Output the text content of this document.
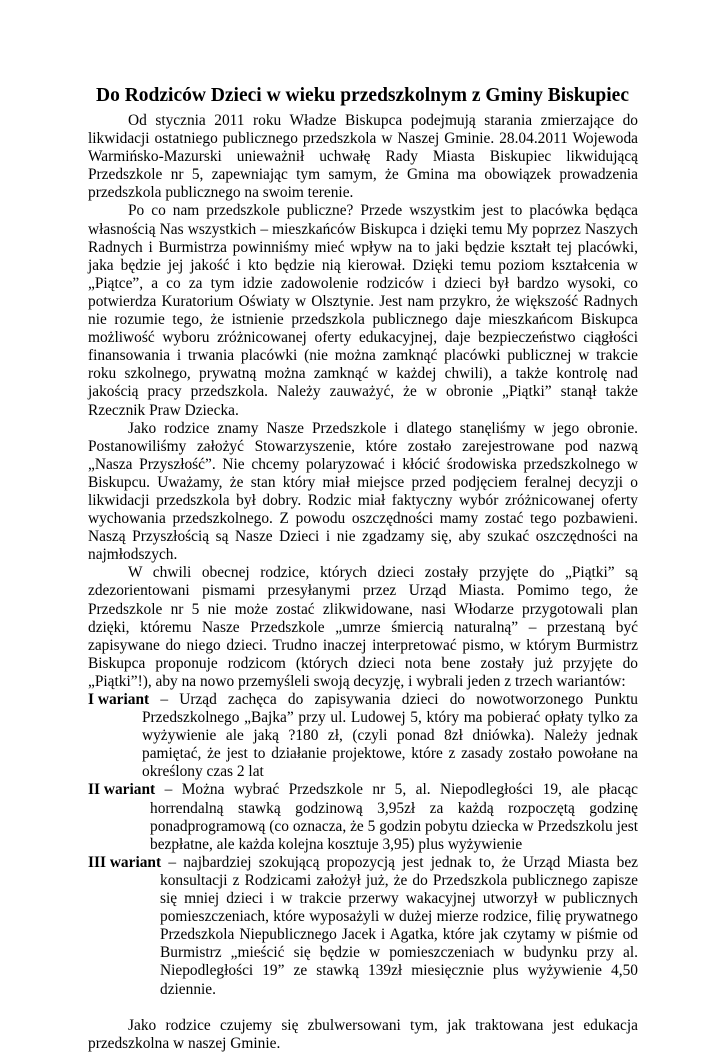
Do Rodziców Dzieci w wieku przedszkolnym z Gminy Biskupiec

Od stycznia 2011 roku Władze Biskupca podejmują starania zmierzające do likwidacji ostatniego publicznego przedszkola w Naszej Gminie. 28.04.2011 Wojewoda Warmińsko-Mazurski unieważnił uchwałę Rady Miasta Biskupiec likwidującą Przedszkole nr 5, zapewniając tym samym, że Gmina ma obowiązek prowadzenia przedszkola publicznego na swoim terenie.

Po co nam przedszkole publiczne? Przede wszystkim jest to placówka będąca własnością Nas wszystkich – mieszkańców Biskupca i dzięki temu My poprzez Naszych Radnych i Burmistrza powinniśmy mieć wpływ na to jaki będzie kształt tej placówki, jaka będzie jej jakość i kto będzie nią kierował. Dzięki temu poziom kształcenia w „Piątce”, a co za tym idzie zadowolenie rodziców i dzieci był bardzo wysoki, co potwierdza Kuratorium Oświaty w Olsztynie. Jest nam przykro, że większość Radnych nie rozumie tego, że istnienie przedszkola publicznego daje mieszkańcom Biskupca możliwość wyboru zróżnicowanej oferty edukacyjnej, daje bezpieczeństwo ciągłości finansowania i trwania placówki (nie można zamknąć placówki publicznej w trakcie roku szkolnego, prywatną można zamknąć w każdej chwili), a także kontrolę nad jakością pracy przedszkola. Należy zauważyć, że w obronie „Piątki” stanął także Rzecznik Praw Dziecka.

Jako rodzice znamy Nasze Przedszkole i dlatego stanęliśmy w jego obronie. Postanowiliśmy założyć Stowarzyszenie, które zostało zarejestrowane pod nazwą „Nasza Przyszłość”. Nie chcemy polaryzować i kłócić środowiska przedszkolnego w Biskupcu. Uważamy, że stan który miał miejsce przed podjęciem feralnej decyzji o likwidacji przedszkola był dobry. Rodzic miał faktyczny wybór zróżnicowanej oferty wychowania przedszkolnego. Z powodu oszczędności mamy zostać tego pozbawieni. Naszą Przyszłością są Nasze Dzieci i nie zgadzamy się, aby szukać oszczędności na najmłodszych.

W chwili obecnej rodzice, których dzieci zostały przyjęte do „Piątki” są zdezorientowani pismami przesyłanymi przez Urząd Miasta. Pomimo tego, że Przedszkole nr 5 nie może zostać zlikwidowane, nasi Włodarze przygotowali plan dzięki, któremu Nasze Przedszkole „umrze śmiercią naturalną” – przestaną być zapisywane do niego dzieci. Trudno inaczej interpretować pismo, w którym Burmistrz Biskupca proponuje rodzicom (których dzieci nota bene zostały już przyjęte do „Piątki”!), aby na nowo przemyśleli swoją decyzję, i wybrali jeden z trzech wariantów:

I wariant – Urząd zachęca do zapisywania dzieci do nowotworzonego Punktu Przedszkolnego „Bajka” przy ul. Ludowej 5, który ma pobierać opłaty tylko za wyżywienie ale jaką ?180 zł, (czyli ponad 8zł dniówka). Należy jednak pamiętać, że jest to działanie projektowe, które z zasady zostało powołane na określony czas 2 lat
II wariant – Można wybrać Przedszkole nr 5, al. Niepodległości 19, ale płacąc horrendalną stawką godzinową 3,95zł za każdą rozpoczętą godzinę ponadprogramową (co oznacza, że 5 godzin pobytu dziecka w Przedszkolu jest bezpłatne, ale każda kolejna kosztuje 3,95) plus wyżywienie
III wariant – najbardziej szokującą propozycją jest jednak to, że Urząd Miasta bez konsultacji z Rodzicami założył już, że do Przedszkola publicznego zapisze się mniej dzieci i w trakcie przerwy wakacyjnej utworzył w publicznych pomieszczeniach, które wyposażyli w dużej mierze rodzice, filię prywatnego Przedszkola Niepublicznego Jacek i Agatka, które jak czytamy w piśmie od Burmistrz „mieścić się będzie w pomieszczeniach w budynku przy al. Niepodległości 19” ze stawką 139zł miesięcznie plus wyżywienie 4,50 dziennie.

Jako rodzice czujemy się zbulwersowani tym, jak traktowana jest edukacja przedszkolna w naszej Gminie.
